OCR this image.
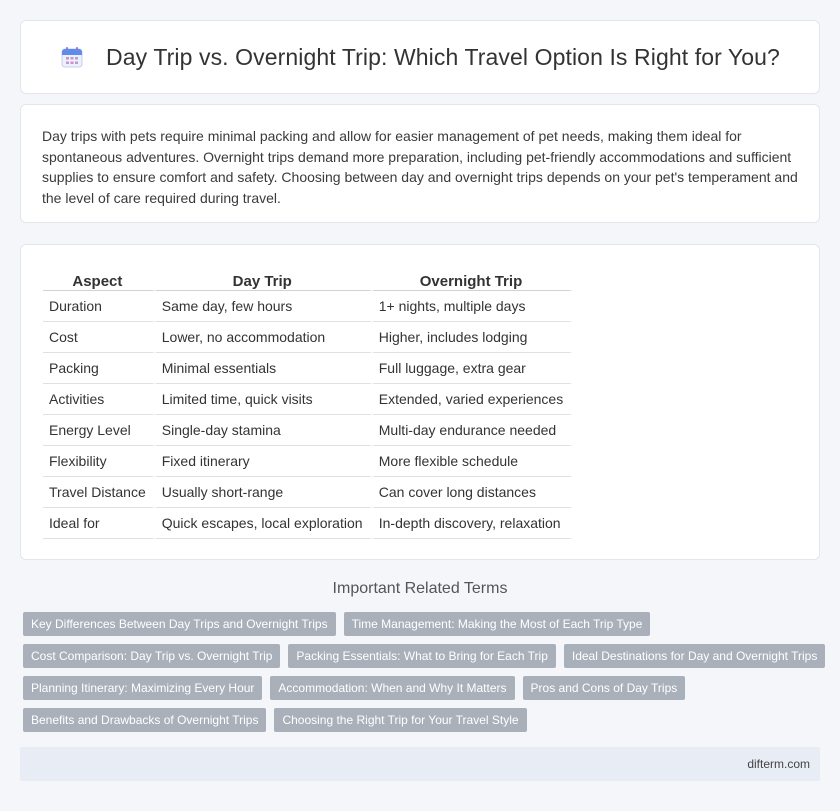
Day Trip vs. Overnight Trip: Which Travel Option Is Right for You?

Day trips with pets require minimal packing and allow for easier management of pet needs, making them ideal for spontaneous adventures. Overnight trips demand more preparation, including pet-friendly accommodations and sufficient supplies to ensure comfort and safety. Choosing between day and overnight trips depends on your pet's temperament and the level of care required during travel.

Aspect	Day Trip	Overnight Trip
Duration	Same day, few hours	1+ nights, multiple days
Cost	Lower, no accommodation	Higher, includes lodging
Packing	Minimal essentials	Full luggage, extra gear
Activities	Limited time, quick visits	Extended, varied experiences
Energy Level	Single-day stamina	Multi-day endurance needed
Flexibility	Fixed itinerary	More flexible schedule
Travel Distance	Usually short-range	Can cover long distances
Ideal for	Quick escapes, local exploration	In-depth discovery, relaxation
Important Related Terms
Key Differences Between Day Trips and Overnight Trips	Time Management: Making the Most of Each Trip Type
Cost Comparison: Day Trip vs. Overnight Trip	Packing Essentials: What to Bring for Each Trip	Ideal Destinations for Day and Overnight Trips
Planning Itinerary: Maximizing Every Hour	Accommodation: When and Why It Matters	Pros and Cons of Day Trips
Benefits and Drawbacks of Overnight Trips	Choosing the Right Trip for Your Travel Style
difterm.com
